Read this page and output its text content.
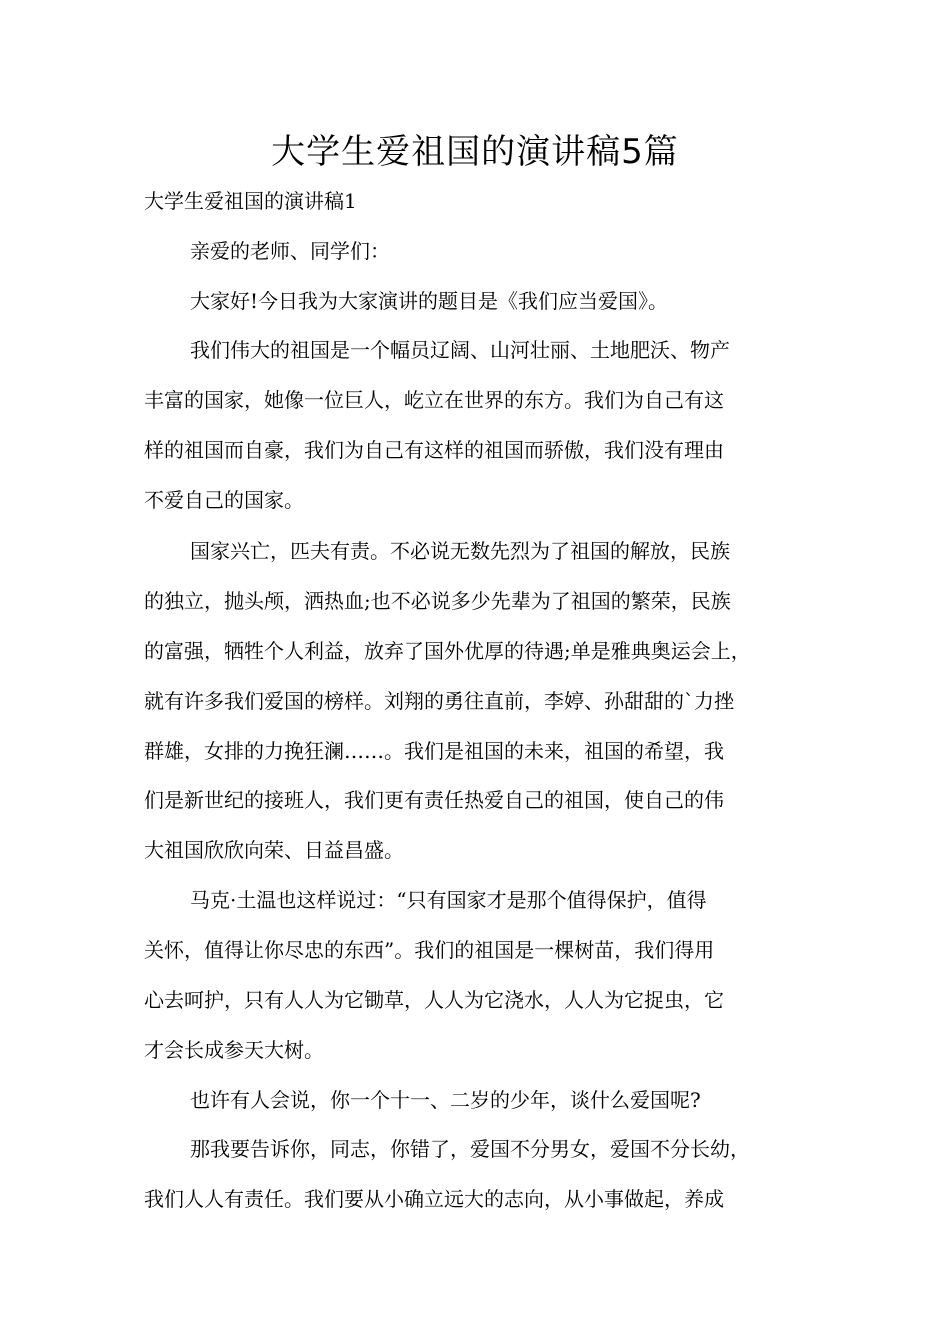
大学生爱祖国的演讲稿5篇

大学生爱祖国的演讲稿1

亲爱的老师、同学们：

大家好!今日我为大家演讲的题目是《我们应当爱国》。

我们伟大的祖国是一个幅员辽阔、山河壮丽、土地肥沃、物产

丰富的国家，她像一位巨人，屹立在世界的东方。我们为自己有这

样的祖国而自豪，我们为自己有这样的祖国而骄傲，我们没有理由

不爱自己的国家。

国家兴亡，匹夫有责。不必说无数先烈为了祖国的解放，民族

的独立，抛头颅，洒热血;也不必说多少先辈为了祖国的繁荣，民族

的富强，牺牲个人利益，放弃了国外优厚的待遇;单是雅典奥运会上，

就有许多我们爱国的榜样。刘翔的勇往直前，李婷、孙甜甜的`力挫

群雄，女排的力挽狂澜……。我们是祖国的未来，祖国的希望，我

们是新世纪的接班人，我们更有责任热爱自己的祖国，使自己的伟

大祖国欣欣向荣、日益昌盛。

马克·土温也这样说过：“只有国家才是那个值得保护，值得

关怀，值得让你尽忠的东西”。我们的祖国是一棵树苗，我们得用

心去呵护，只有人人为它锄草，人人为它浇水，人人为它捉虫，它

才会长成参天大树。

也许有人会说，你一个十一、二岁的少年，谈什么爱国呢?

那我要告诉你，同志，你错了，爱国不分男女，爱国不分长幼，

我们人人有责任。我们要从小确立远大的志向，从小事做起，养成
